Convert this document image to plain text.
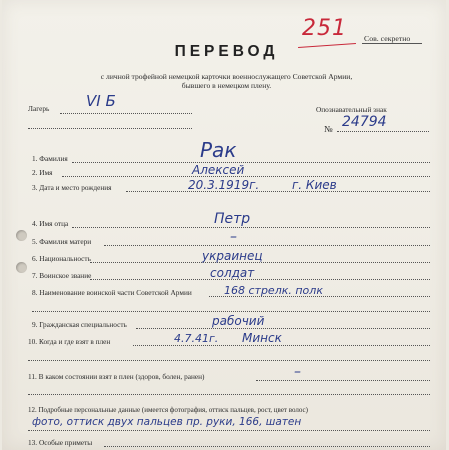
251 Сов. секретно
ПЕРЕВОД
с личной трофейной немецкой карточки военнослужащего Советской Армии,
бывшего в немецком плену.
Лагерь VI Б	Опознавательный знак
№ 24794
1. Фамилия	Рак
2. Имя	Алексей
3. Дата и место рождения	20.3.1919г.	г. Киев
4. Имя отца	Петр
5. Фамилия матери	–
6. Национальность	украинец
7. Воинское звание	солдат
8. Наименование воинской части Советской Армии	168 стрелк. полк
9. Гражданская специальность	рабочий
10. Когда и где взят в плен	4.7.41г. Минск
11. В каком состоянии взят в плен (здоров, болен, ранен)	–
12. Подробные персональные данные (имеется фотография, оттиск пальцев, рост, цвет волос)
фото, оттиск двух пальцев пр. руки, 166, шатен
13. Особые приметы
